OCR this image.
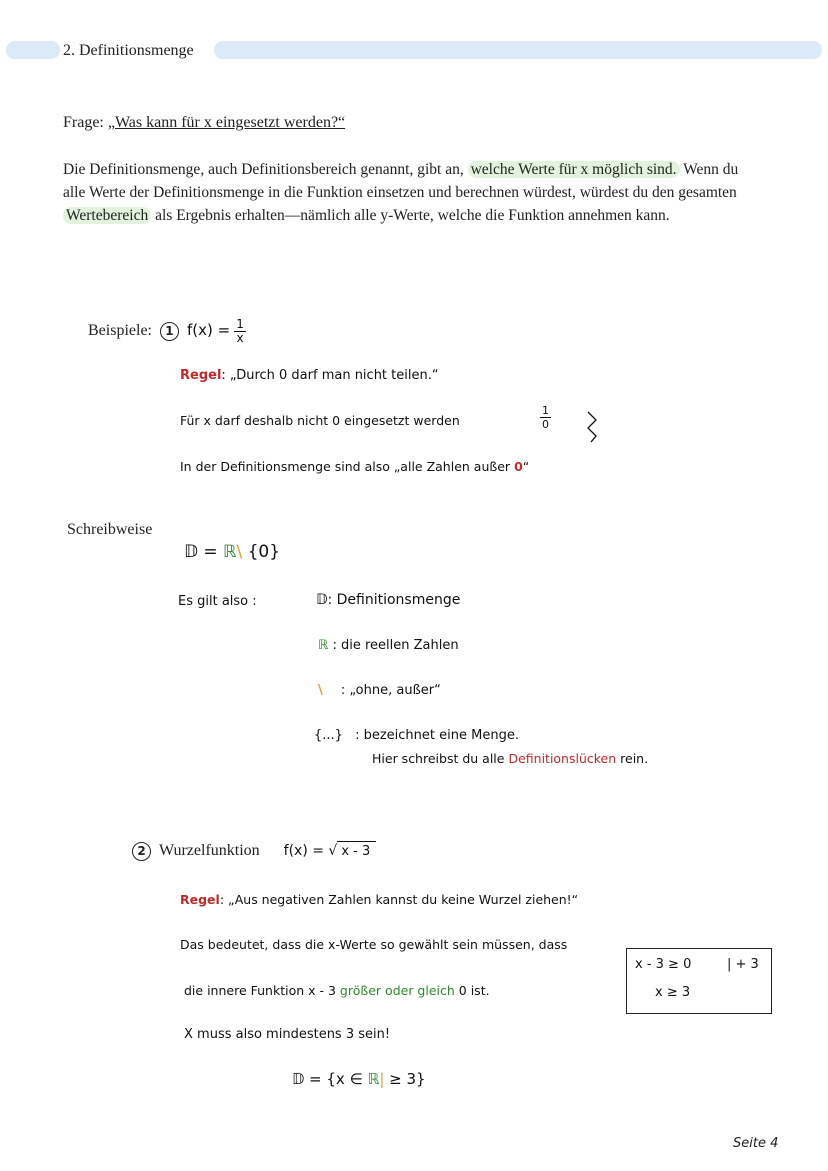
2. Definitionsmenge
Frage: „Was kann für x eingesetzt werden?“
Die Definitionsmenge, auch Definitionsbereich genannt, gibt an, welche Werte für x möglich sind. Wenn du alle Werte der Definitionsmenge in die Funktion einsetzen und berechnen würdest, würdest du den gesamten Wertebereich als Ergebnis erhalten—nämlich alle y-Werte, welche die Funktion annehmen kann.
Beispiele: 1 $f(x) = \frac{1}{x}$
Regel: „Durch 0 darf man nicht teilen.“
Für x darf deshalb nicht 0 eingesetzt werden	$\frac{1}{0}$
In der Definitionsmenge sind also „alle Zahlen außer 0“
Schreibweise
𝔻 = ℝ\ {0}
Es gilt also :	𝔻: Definitionsmenge
ℝ : die reellen Zahlen
\ : „ohne, außer“
{...} : bezeichnet eine Menge.
Hier schreibst du alle Definitionslücken rein.
2 Wurzelfunktion f(x) = √ x - 3
Regel: „Aus negativen Zahlen kannst du keine Wurzel ziehen!“
Das bedeutet, dass die x-Werte so gewählt sein müssen, dass
die innere Funktion x - 3 größer oder gleich 0 ist.
X muss also mindestens 3 sein!
𝔻 = {x ∈ ℝ| ≥ 3}
x - 3 ≥ 0	| + 3
x ≥ 3
Seite 4
